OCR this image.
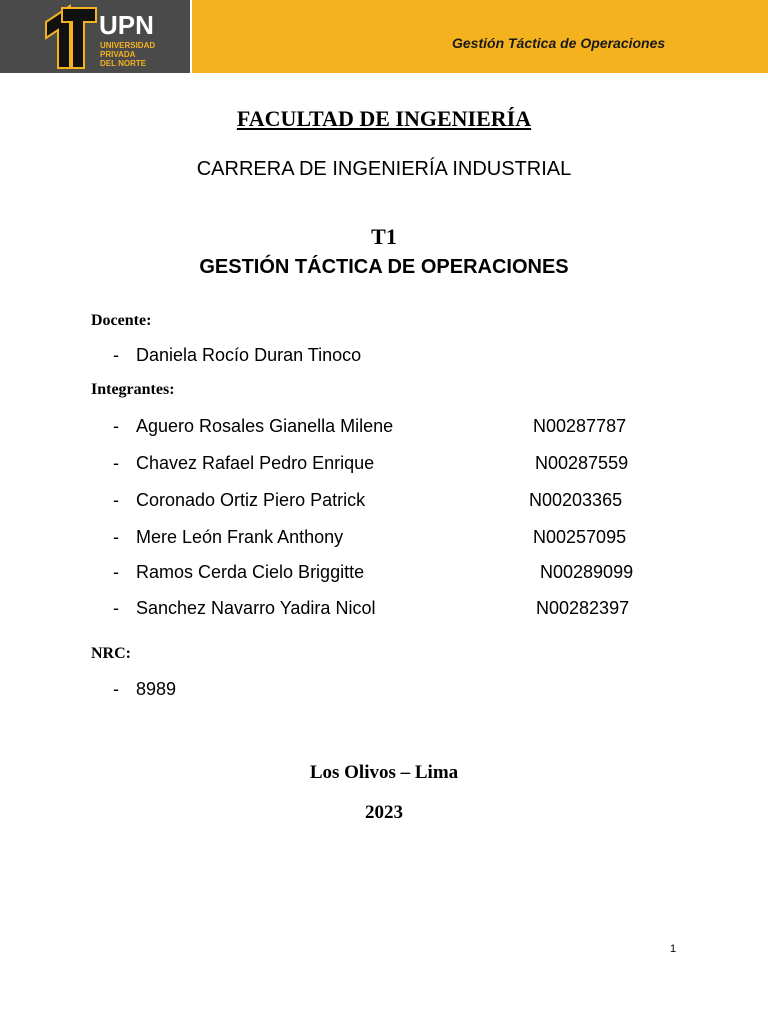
UPN
UNIVERSIDAD
PRIVADA
DEL NORTE
Gestión Táctica de Operaciones
FACULTAD DE INGENIERÍA
CARRERA DE INGENIERÍA INDUSTRIAL
T1
GESTIÓN TÁCTICA DE OPERACIONES
Docente:
- Daniela Rocío Duran Tinoco
Integrantes:
- Aguero Rosales Gianella Milene	N00287787
- Chavez Rafael Pedro Enrique	N00287559
- Coronado Ortiz Piero Patrick	N00203365
- Mere León Frank Anthony	N00257095
- Ramos Cerda Cielo Briggitte	N00289099
- Sanchez Navarro Yadira Nicol	N00282397
NRC:
- 8989
Los Olivos – Lima
2023
1
